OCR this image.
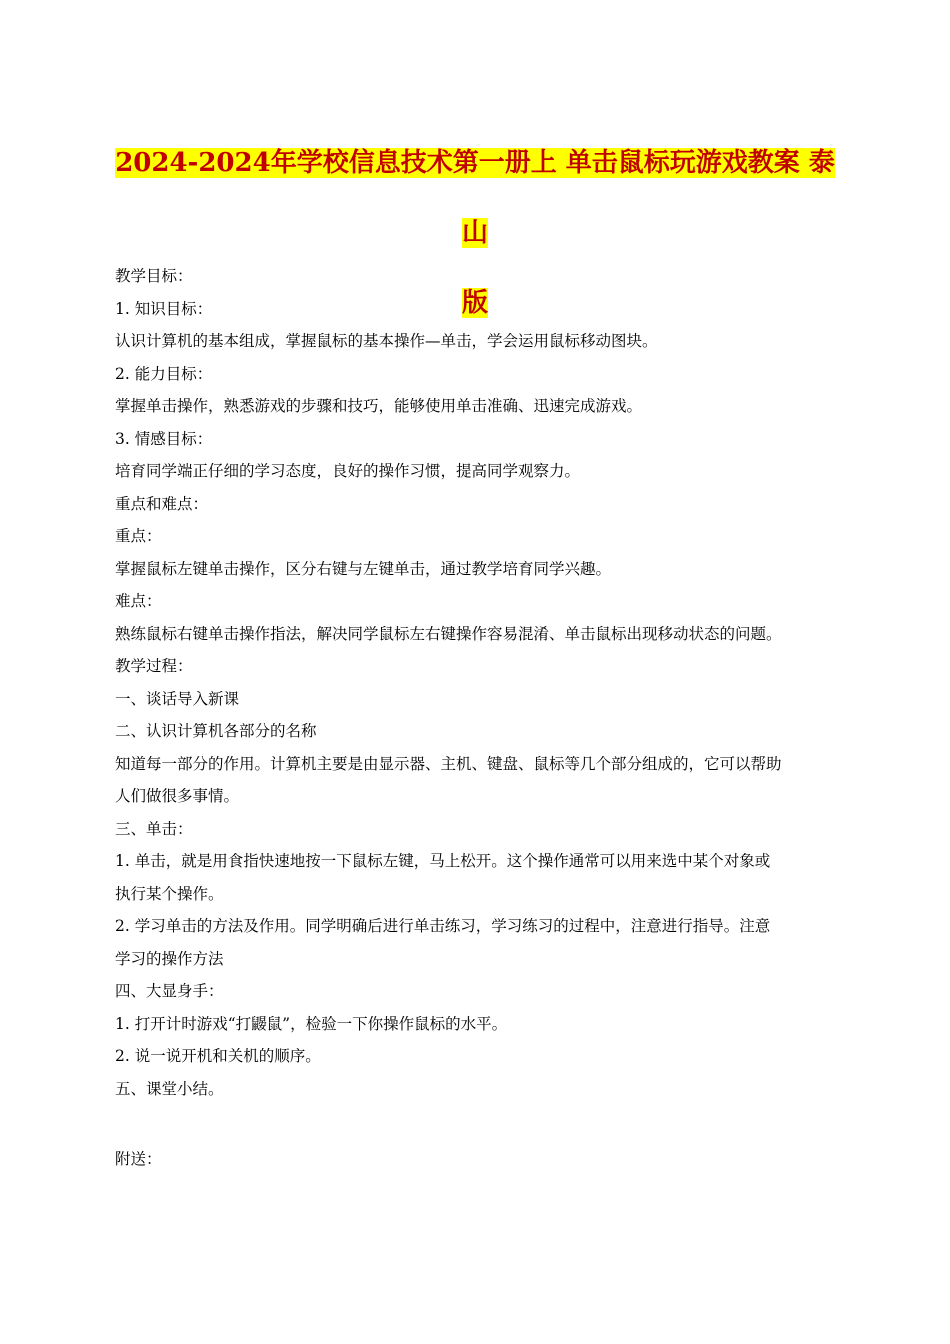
2024-2024年学校信息技术第一册上 单击鼠标玩游戏教案 泰山
版
教学目标：
1. 知识目标：
认识计算机的基本组成，掌握鼠标的基本操作—单击，学会运用鼠标移动图块。
2. 能力目标：
掌握单击操作，熟悉游戏的步骤和技巧，能够使用单击准确、迅速完成游戏。
3. 情感目标：
培育同学端正仔细的学习态度，良好的操作习惯，提高同学观察力。
重点和难点：
重点：
掌握鼠标左键单击操作，区分右键与左键单击，通过教学培育同学兴趣。
难点：
熟练鼠标右键单击操作指法，解决同学鼠标左右键操作容易混淆、单击鼠标出现移动状态的问题。
教学过程：
一、谈话导入新课
二、认识计算机各部分的名称
知道每一部分的作用。计算机主要是由显示器、主机、键盘、鼠标等几个部分组成的，它可以帮助
人们做很多事情。
三、单击：
1. 单击，就是用食指快速地按一下鼠标左键，马上松开。这个操作通常可以用来选中某个对象或
执行某个操作。
2. 学习单击的方法及作用。同学明确后进行单击练习，学习练习的过程中，注意进行指导。注意
学习的操作方法
四、大显身手：
1. 打开计时游戏“打鼹鼠”，检验一下你操作鼠标的水平。
2. 说一说开机和关机的顺序。
五、课堂小结。
附送：
